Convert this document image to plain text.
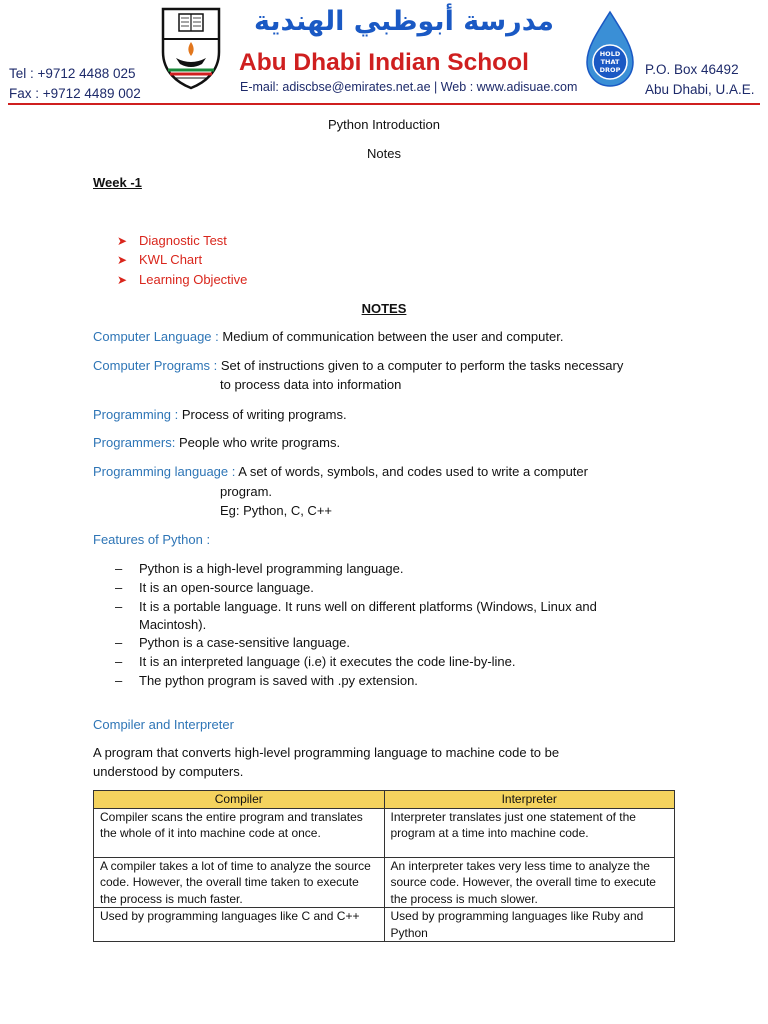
Tel : +9712 4488 025
Fax : +9712 4489 002
مدرسة أبوظبي الهندية
Abu Dhabi Indian School
E-mail: adiscbse@emirates.net.ae | Web : www.adisuae.com
HOLD
THAT
DROP P.O. Box 46492
Abu Dhabi, U.A.E.
Python Introduction
Notes
Week -1
➤ Diagnostic Test
➤ KWL Chart
➤ Learning Objective
NOTES
Computer Language : Medium of communication between the user and computer.
Computer Programs : Set of instructions given to a computer to perform the tasks necessary
to process data into information
Programming : Process of writing programs.
Programmers: People who write programs.
Programming language : A set of words, symbols, and codes used to write a computer
program.
Eg: Python, C, C++
Features of Python :
– Python is a high-level programming language.
– It is an open-source language.
– It is a portable language. It runs well on different platforms (Windows, Linux and
Macintosh).
– Python is a case-sensitive language.
– It is an interpreted language (i.e) it executes the code line-by-line.
– The python program is saved with .py extension.
Compiler and Interpreter
A program that converts high-level programming language to machine code to be
understood by computers.
Compiler	Interpreter
Compiler scans the entire program and translates the whole of it into machine code at once.	Interpreter translates just one statement of the program at a time into machine code.
A compiler takes a lot of time to analyze the source code. However, the overall time taken to execute the process is much faster.	An interpreter takes very less time to analyze the source code. However, the overall time to execute the process is much slower.
Used by programming languages like C and C++	Used by programming languages like Ruby and Python
